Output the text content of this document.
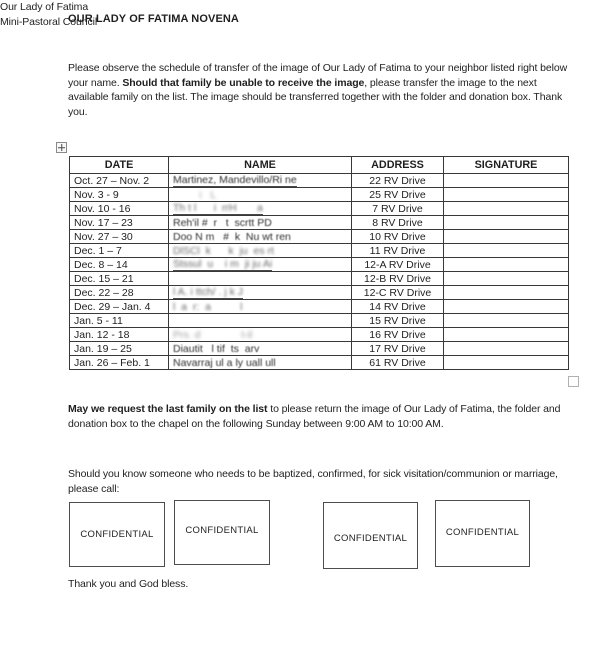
OUR LADY OF FATIMA NOVENA

Please observe the schedule of transfer of the image of Our Lady of Fatima to your neighbor listed right below your name. Should that family be unable to receive the image, please transfer the image to the next available family on the list. The image should be transferred together with the folder and donation box. Thank you.

DATE	NAME	ADDRESS	SIGNATURE
Oct. 27 – Nov. 2	Martinez, Mandevillo/Ri ne	22 RV Drive	
Nov. 3 - 9	i   L	25 RV Drive	
Nov. 10 - 16	Th t l      i  rrH       a	7 RV Drive	
Nov. 17 – 23	Reh'il #  r   t  scrtt PD	8 RV Drive	
Nov. 27 – 30	Doo N m   #  k  Nu wt ren	10 RV Drive	
Dec. 1 – 7	DlSCl  k      k  ju  es rt	11 RV Drive	
Dec. 8 – 14	Stssul  u    i m  ji ju Ai	12-A RV Drive	
Dec. 15 – 21		12-B RV Drive	
Dec. 22 – 28	l A. i ttch/ . j k J	12-C RV Drive	
Dec. 29 – Jan. 4	l  a  r:  a          l	14 RV Drive	
Jan. 5 - 11		15 RV Drive	
Jan. 12 - 18	Prs. d              t-il	16 RV Drive	
Jan. 19 – 25	Diautit   l tif  ts  arv	17 RV Drive	
Jan. 26 – Feb. 1	Navarraj ul a ly uall ull	61 RV Drive	

May we request the last family on the list to please return the image of Our Lady of Fatima, the folder and donation box to the chapel on the following Sunday between 9:00 AM to 10:00 AM.

Should you know someone who needs to be baptized, confirmed, for sick visitation/communion or marriage, please call:

Thank you and God bless.

Our Lady of Fatima
Mini-Pastoral Council
CONFIDENTIAL	CONFIDENTIAL
CONFIDENTIAL
CONFIDENTIAL
